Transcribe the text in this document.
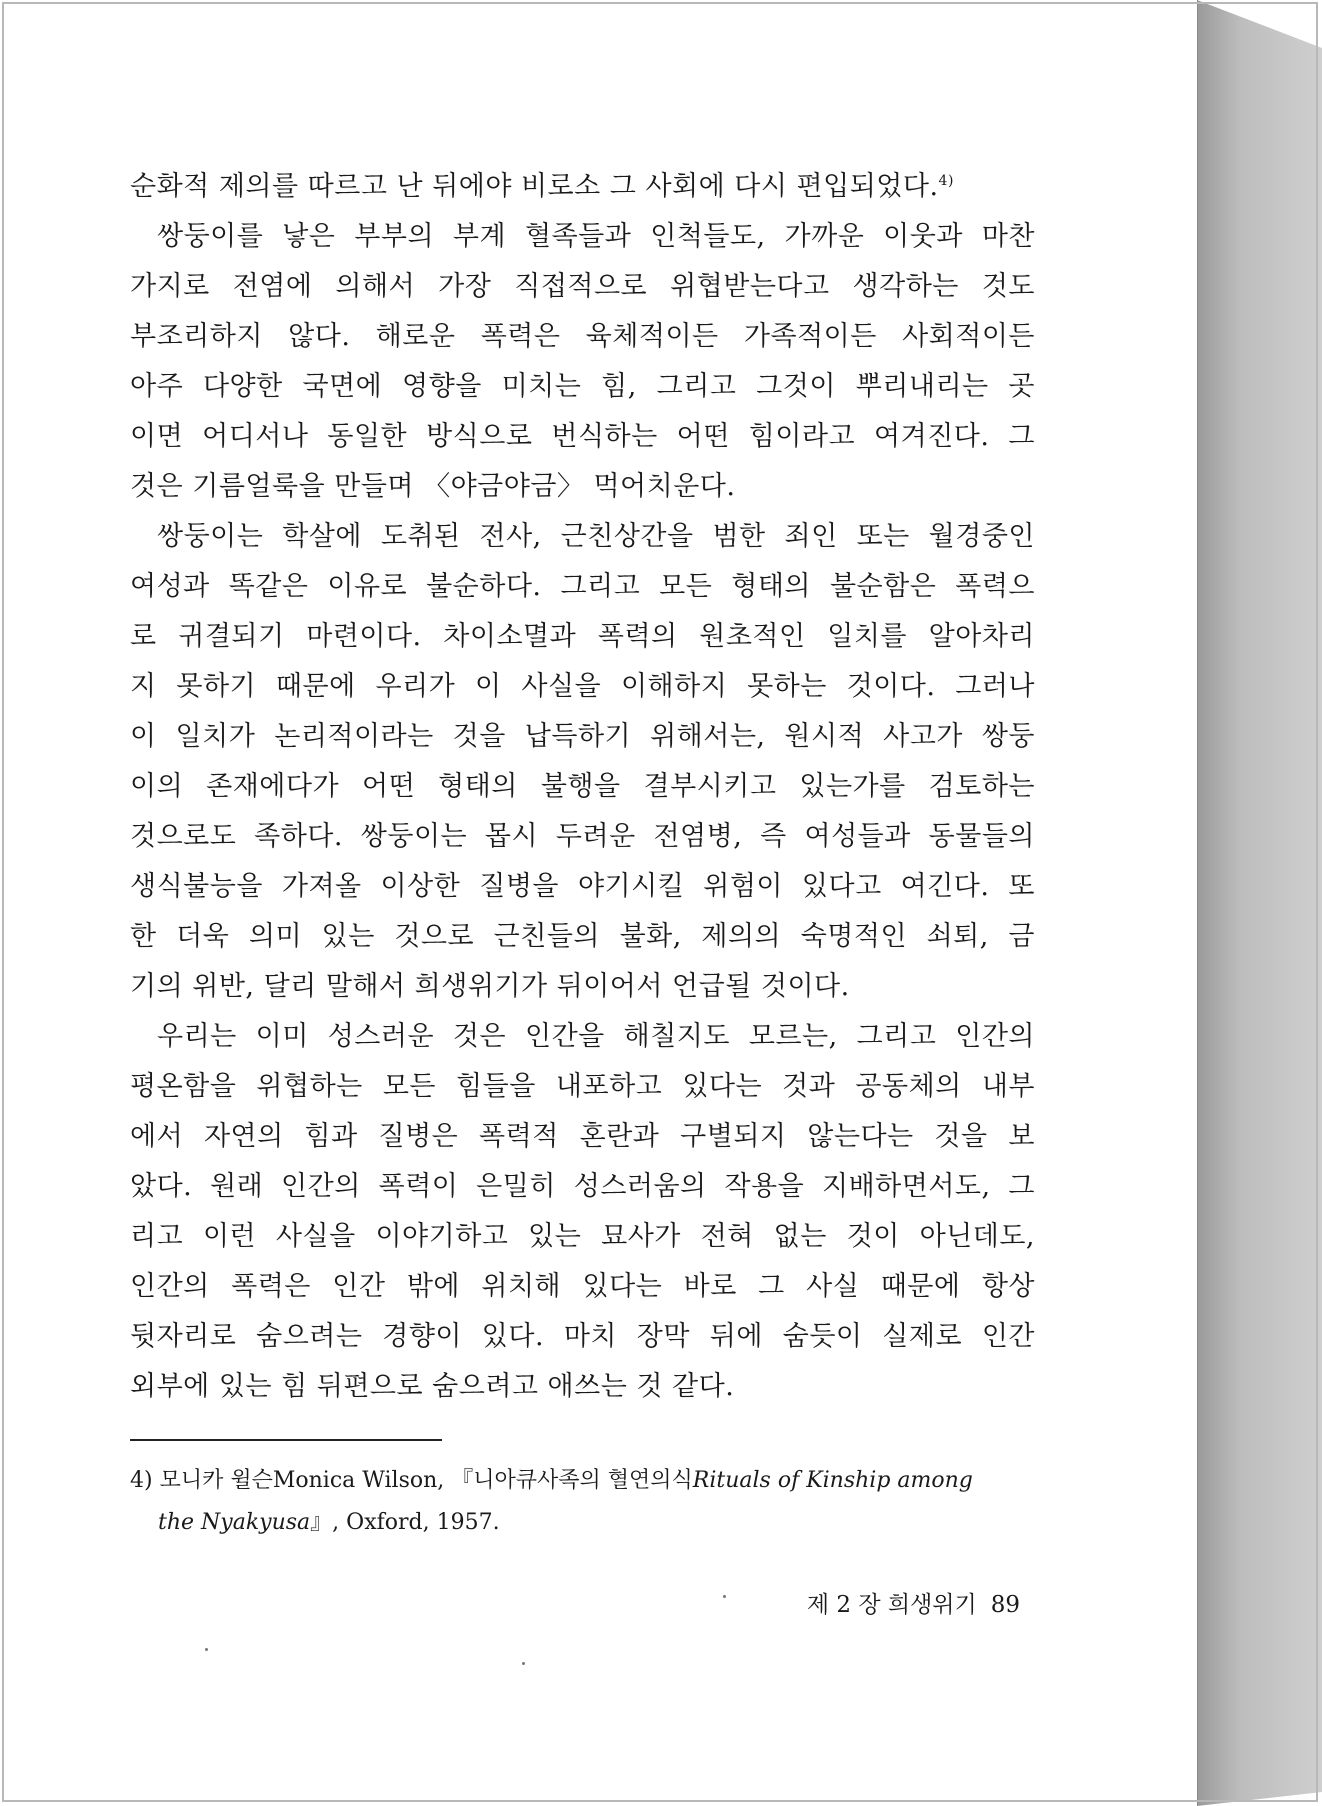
순화적 제의를 따르고 난 뒤에야 비로소 그 사회에 다시 편입되었다.$^{4)}$
쌍둥이를 낳은 부부의 부계 혈족들과 인척들도, 가까운 이웃과 마찬
가지로 전염에 의해서 가장 직접적으로 위협받는다고 생각하는 것도
부조리하지 않다. 해로운 폭력은 육체적이든 가족적이든 사회적이든
아주 다양한 국면에 영향을 미치는 힘, 그리고 그것이 뿌리내리는 곳
이면 어디서나 동일한 방식으로 번식하는 어떤 힘이라고 여겨진다. 그
것은 기름얼룩을 만들며 〈야금야금〉 먹어치운다.
쌍둥이는 학살에 도취된 전사, 근친상간을 범한 죄인 또는 월경중인
여성과 똑같은 이유로 불순하다. 그리고 모든 형태의 불순함은 폭력으
로 귀결되기 마련이다. 차이소멸과 폭력의 원초적인 일치를 알아차리
지 못하기 때문에 우리가 이 사실을 이해하지 못하는 것이다. 그러나
이 일치가 논리적이라는 것을 납득하기 위해서는, 원시적 사고가 쌍둥
이의 존재에다가 어떤 형태의 불행을 결부시키고 있는가를 검토하는
것으로도 족하다. 쌍둥이는 몹시 두려운 전염병, 즉 여성들과 동물들의
생식불능을 가져올 이상한 질병을 야기시킬 위험이 있다고 여긴다. 또
한 더욱 의미 있는 것으로 근친들의 불화, 제의의 숙명적인 쇠퇴, 금
기의 위반, 달리 말해서 희생위기가 뒤이어서 언급될 것이다.
우리는 이미 성스러운 것은 인간을 해칠지도 모르는, 그리고 인간의
평온함을 위협하는 모든 힘들을 내포하고 있다는 것과 공동체의 내부
에서 자연의 힘과 질병은 폭력적 혼란과 구별되지 않는다는 것을 보
았다. 원래 인간의 폭력이 은밀히 성스러움의 작용을 지배하면서도, 그
리고 이런 사실을 이야기하고 있는 묘사가 전혀 없는 것이 아닌데도,
인간의 폭력은 인간 밖에 위치해 있다는 바로 그 사실 때문에 항상
뒷자리로 숨으려는 경향이 있다. 마치 장막 뒤에 숨듯이 실제로 인간
외부에 있는 힘 뒤편으로 숨으려고 애쓰는 것 같다.
4) 모니카 윌슨Monica Wilson, 『니아큐사족의 혈연의식Rituals of Kinship among
the Nyakyusa』, Oxford, 1957.
제 2 장 희생위기 89
